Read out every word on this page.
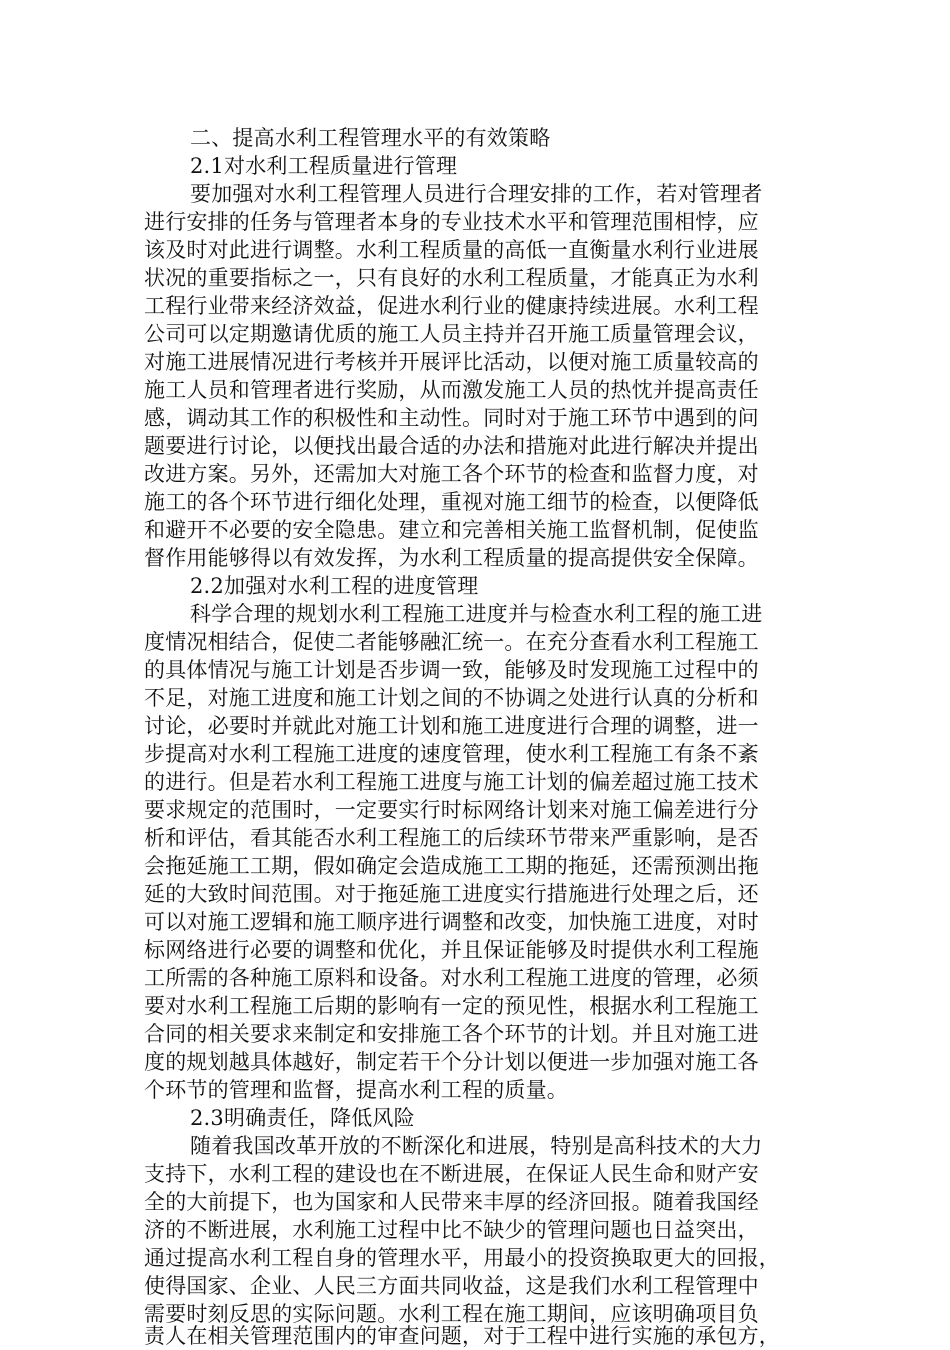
二、提高水利工程管理水平的有效策略
2.1对水利工程质量进行管理
要加强对水利工程管理人员进行合理安排的工作，若对管理者
进行安排的任务与管理者本身的专业技术水平和管理范围相悖，应
该及时对此进行调整。水利工程质量的高低一直衡量水利行业进展
状况的重要指标之一，只有良好的水利工程质量，才能真正为水利
工程行业带来经济效益，促进水利行业的健康持续进展。水利工程
公司可以定期邀请优质的施工人员主持并召开施工质量管理会议，
对施工进展情况进行考核并开展评比活动，以便对施工质量较高的
施工人员和管理者进行奖励，从而激发施工人员的热忱并提高责任
感，调动其工作的积极性和主动性。同时对于施工环节中遇到的问
题要进行讨论，以便找出最合适的办法和措施对此进行解决并提出
改进方案。另外，还需加大对施工各个环节的检查和监督力度，对
施工的各个环节进行细化处理，重视对施工细节的检查，以便降低
和避开不必要的安全隐患。建立和完善相关施工监督机制，促使监
督作用能够得以有效发挥，为水利工程质量的提高提供安全保障。
2.2加强对水利工程的进度管理
科学合理的规划水利工程施工进度并与检查水利工程的施工进
度情况相结合，促使二者能够融汇统一。在充分查看水利工程施工
的具体情况与施工计划是否步调一致，能够及时发现施工过程中的
不足，对施工进度和施工计划之间的不协调之处进行认真的分析和
讨论，必要时并就此对施工计划和施工进度进行合理的调整，进一
步提高对水利工程施工进度的速度管理，使水利工程施工有条不紊
的进行。但是若水利工程施工进度与施工计划的偏差超过施工技术
要求规定的范围时，一定要实行时标网络计划来对施工偏差进行分
析和评估，看其能否水利工程施工的后续环节带来严重影响，是否
会拖延施工工期，假如确定会造成施工工期的拖延，还需预测出拖
延的大致时间范围。对于拖延施工进度实行措施进行处理之后，还
可以对施工逻辑和施工顺序进行调整和改变，加快施工进度，对时
标网络进行必要的调整和优化，并且保证能够及时提供水利工程施
工所需的各种施工原料和设备。对水利工程施工进度的管理，必须
要对水利工程施工后期的影响有一定的预见性，根据水利工程施工
合同的相关要求来制定和安排施工各个环节的计划。并且对施工进
度的规划越具体越好，制定若干个分计划以便进一步加强对施工各
个环节的管理和监督，提高水利工程的质量。
2.3明确责任，降低风险
随着我国改革开放的不断深化和进展，特别是高科技术的大力
支持下，水利工程的建设也在不断进展，在保证人民生命和财产安
全的大前提下，也为国家和人民带来丰厚的经济回报。随着我国经
济的不断进展，水利施工过程中比不缺少的管理问题也日益突出，
通过提高水利工程自身的管理水平，用最小的投资换取更大的回报，
使得国家、企业、人民三方面共同收益，这是我们水利工程管理中
需要时刻反思的实际问题。水利工程在施工期间，应该明确项目负
责人在相关管理范围内的审查问题，对于工程中进行实施的承包方，
